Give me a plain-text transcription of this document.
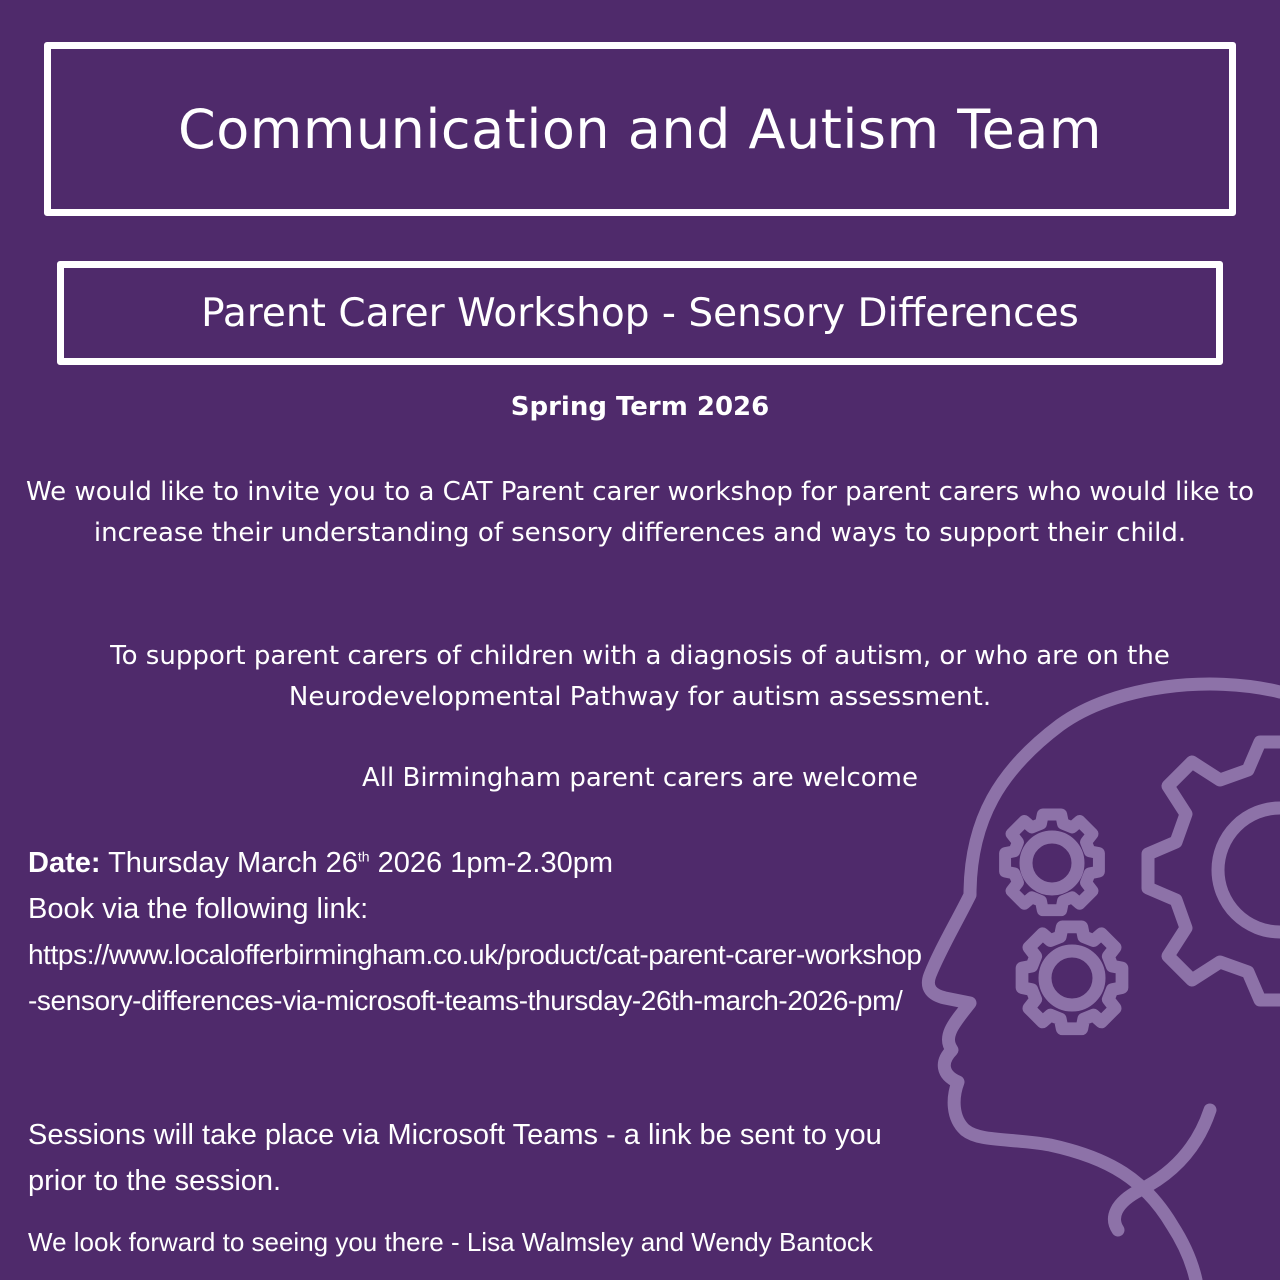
Communication and Autism Team
Parent Carer Workshop - Sensory Differences
Spring Term 2026
We would like to invite you to a CAT Parent carer workshop for parent carers who would like to increase their understanding of sensory differences and ways to support their child.
To support parent carers of children with a diagnosis of autism, or who are on the Neurodevelopmental Pathway for autism assessment.
All Birmingham parent carers are welcome
Date: Thursday March 26th 2026 1pm-2.30pm
Book via the following link:
https://www.localofferbirmingham.co.uk/product/cat-parent-carer-workshop-sensory-differences-via-microsoft-teams-thursday-26th-march-2026-pm/
Sessions will take place via Microsoft Teams - a link be sent to you prior to the session.
We look forward to seeing you there - Lisa Walmsley and Wendy Bantock
